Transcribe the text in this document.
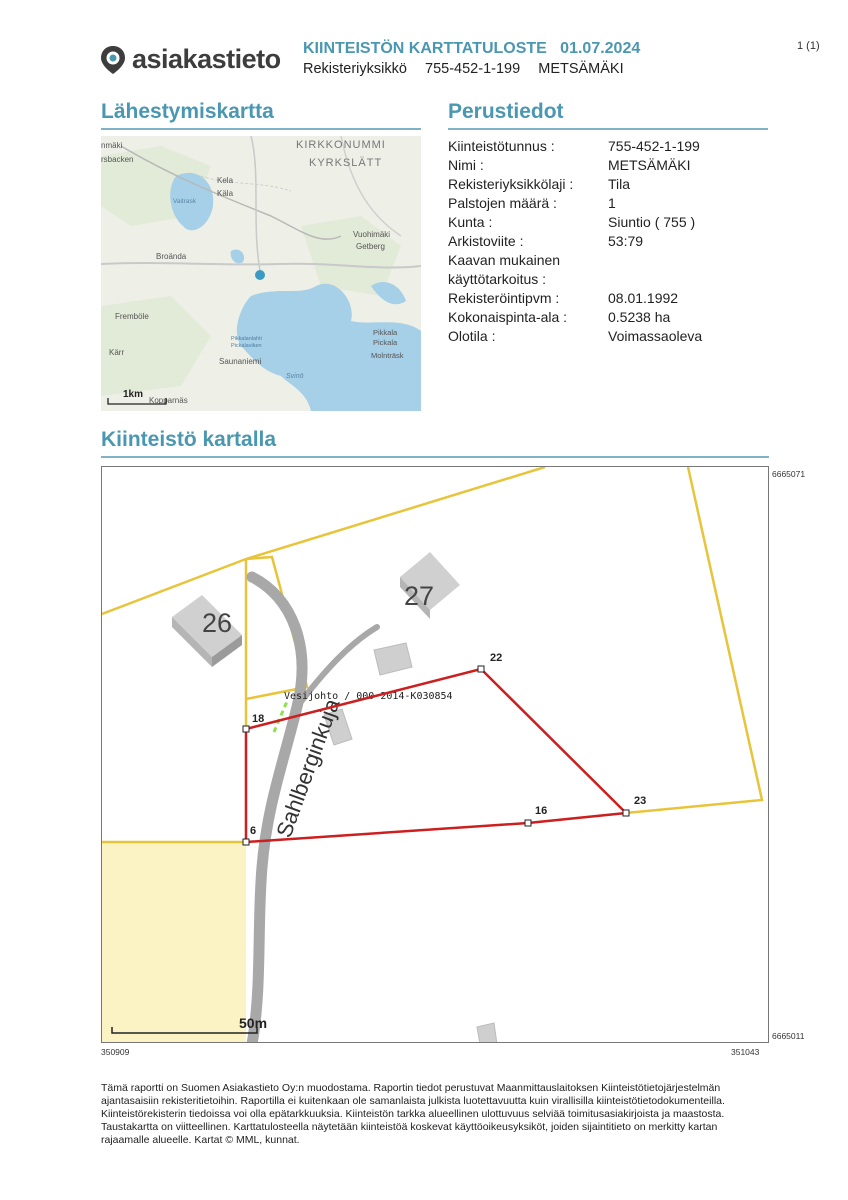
asiakastieto KIINTEISTÖN KARTTATULOSTE   01.07.2024
Rekisteriyksikkö   755-452-1-199   METSÄMÄKI
1 (1)
Lähestymiskartta	Perustiedot
Kiinteistötunnus :	755-452-1-199
Nimi :	METSÄMÄKI
Rekisteriyksikkölaji :	Tila
Palstojen määrä :	1
Kunta :	Siuntio ( 755 )
Arkistoviite :	53:79
Kaavan mukainen
käyttötarkoitus :
Rekisteröintipvm :	08.01.1992
Kokonaispinta-ala :	0.5238 ha
Olotila :	Voimassaoleva
KIRKKONUMMI
KYRKSLÄTT
nmäki
rsbacken
Kela
Käla
Vaitrask
Vuohimäki
Getberg
Broända
Fremböle
Kärr
Pikkalanlahti
Pickalaviken
Saunaniemi
Svinö
Pikkala
Pickala
Molnträsk
Kopparnäs
1km
Kiinteistö kartalla
26
27
Sahlberginkuja
Vesijohto / 000-2014-K030854
22
18
16
23
6
50m
6665071
6665011
350909	351043
Tämä raportti on Suomen Asiakastieto Oy:n muodostama. Raportin tiedot perustuvat Maanmittauslaitoksen Kiinteistötietojärjestelmän ajantasaisiin rekisteritietoihin. Raportilla ei kuitenkaan ole samanlaista julkista luotettavuutta kuin virallisilla kiinteistötietodokumenteilla. Kiinteistörekisterin tiedoissa voi olla epätarkkuuksia. Kiinteistön tarkka alueellinen ulottuvuus selviää toimitusasiakirjoista ja maastosta. Taustakartta on viitteellinen. Karttatulosteella näytetään kiinteistöä koskevat käyttöoikeusyksiköt, joiden sijaintitieto on merkitty kartan rajaamalle alueelle. Kartat © MML, kunnat.
